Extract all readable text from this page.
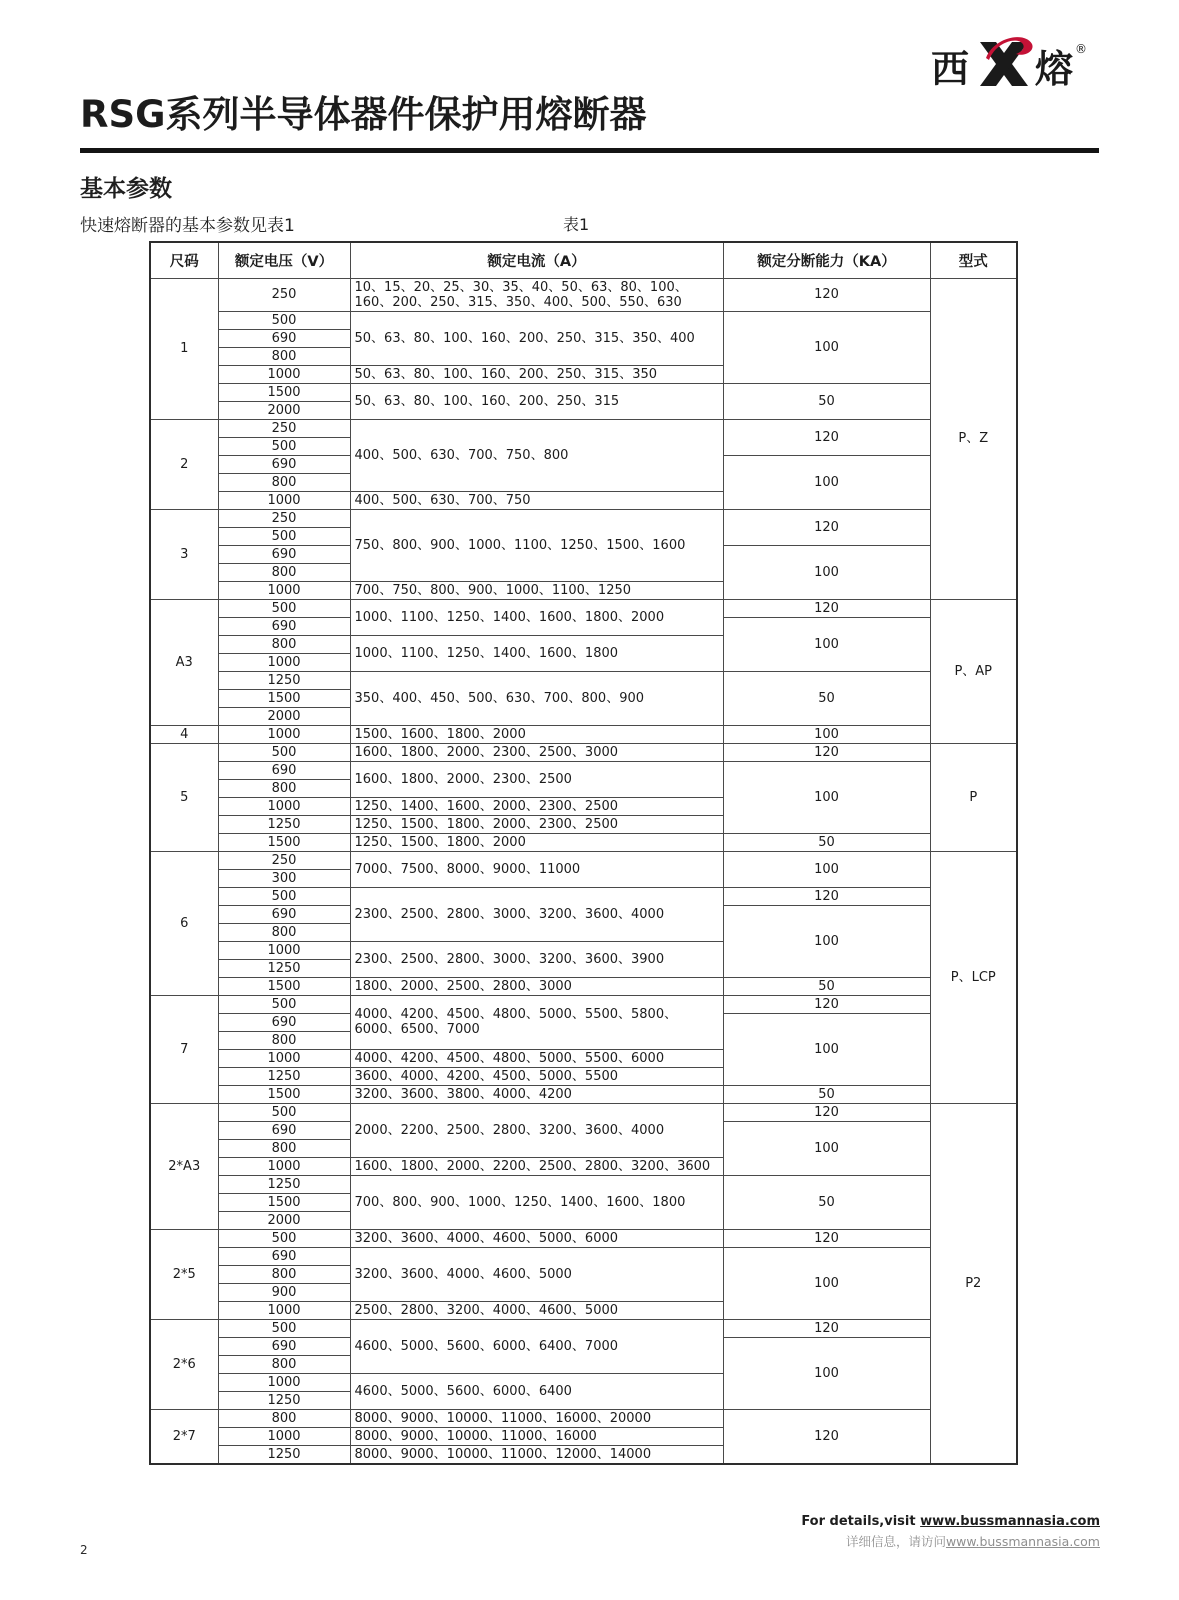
西 熔 ®
RSG系列半导体器件保护用熔断器
基本参数
快速熔断器的基本参数见表1	表1
尺码	额定电压（V）	额定电流（A）	额定分断能力（KA）	型式
1	250	10、15、20、25、30、35、40、50、63、80、100、160、200、250、315、350、400、500、550、630	120	P、Z
	500	50、63、80、100、160、200、250、315、350、400	100	
	690			
	800			
	1000	50、63、80、100、160、200、250、315、350		
	1500	50、63、80、100、160、200、250、315	50	
	2000			
2	250	400、500、630、700、750、800	120	
	500			
	690		100	
	800			
	1000	400、500、630、700、750		
3	250	750、800、900、1000、1100、1250、1500、1600	120	
	500			
	690		100	
	800			
	1000	700、750、800、900、1000、1100、1250		
A3	500	1000、1100、1250、1400、1600、1800、2000	120	P、AP
	690		100	
	800	1000、1100、1250、1400、1600、1800		
	1000			
	1250	350、400、450、500、630、700、800、900	50	
	1500			
	2000			
4	1000	1500、1600、1800、2000	100	
5	500	1600、1800、2000、2300、2500、3000	120	P
	690	1600、1800、2000、2300、2500	100	
	800			
	1000	1250、1400、1600、2000、2300、2500		
	1250	1250、1500、1800、2000、2300、2500		
	1500	1250、1500、1800、2000	50	
6	250	7000、7500、8000、9000、11000	100	P、LCP
	300			
	500	2300、2500、2800、3000、3200、3600、4000	120	
	690		100	
	800			
	1000	2300、2500、2800、3000、3200、3600、3900		
	1250			
	1500	1800、2000、2500、2800、3000	50	
7	500	4000、4200、4500、4800、5000、5500、5800、6000、6500、7000	120	
	690		100	
	800			
	1000	4000、4200、4500、4800、5000、5500、6000		
	1250	3600、4000、4200、4500、5000、5500		
	1500	3200、3600、3800、4000、4200	50	
2*A3	500	2000、2200、2500、2800、3200、3600、4000	120	P2
	690		100	
	800			
	1000	1600、1800、2000、2200、2500、2800、3200、3600		
	1250	700、800、900、1000、1250、1400、1600、1800	50	
	1500			
	2000			
2*5	500	3200、3600、4000、4600、5000、6000	120	
	690	3200、3600、4000、4600、5000	100	
	800			
	900			
	1000	2500、2800、3200、4000、4600、5000		
2*6	500	4600、5000、5600、6000、6400、7000	120	
	690		100	
	800			
	1000	4600、5000、5600、6000、6400		
	1250			
2*7	800	8000、9000、10000、11000、16000、20000	120	
	1000	8000、9000、10000、11000、16000		
	1250	8000、9000、10000、11000、12000、14000		
For details,visit www.bussmannasia.com
详细信息，请访问www.bussmannasia.com
2
